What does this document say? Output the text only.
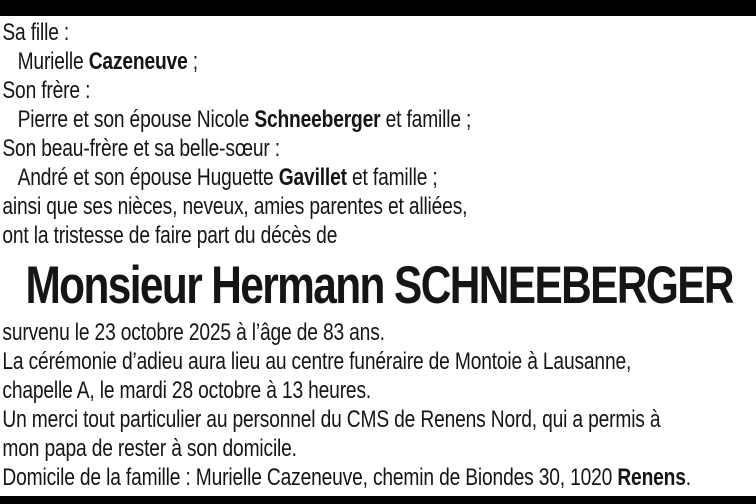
Sa fille :
Murielle Cazeneuve ;
Son frère :
Pierre et son épouse Nicole Schneeberger et famille ;
Son beau-frère et sa belle-sœur :
André et son épouse Huguette Gavillet et famille ;
ainsi que ses nièces, neveux, amies parentes et alliées,
ont la tristesse de faire part du décès de
Monsieur Hermann SCHNEEBERGER
survenu le 23 octobre 2025 à l’âge de 83 ans.
La cérémonie d’adieu aura lieu au centre funéraire de Montoie à Lausanne,
chapelle A, le mardi 28 octobre à 13 heures.
Un merci tout particulier au personnel du CMS de Renens Nord, qui a permis à
mon papa de rester à son domicile.
Domicile de la famille : Murielle Cazeneuve, chemin de Biondes 30, 1020 Renens.
